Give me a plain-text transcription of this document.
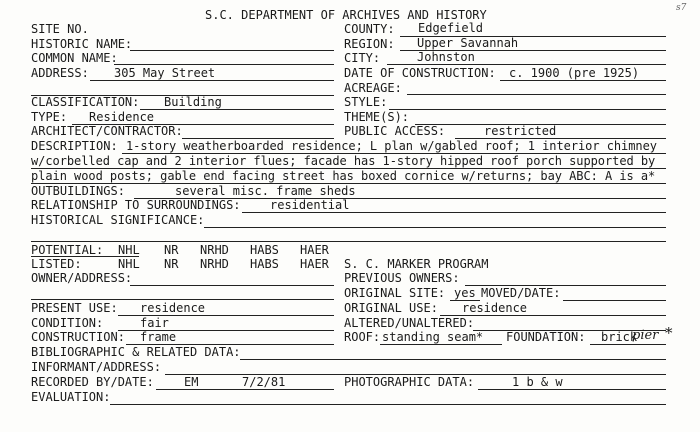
S.C. DEPARTMENT OF ARCHIVES AND HISTORY	s7
SITE NO.	COUNTY: Edgefield
HISTORIC NAME:	REGION: Upper Savannah
COMMON NAME:	CITY:	Johnston
ADDRESS: 305 May Street	DATE OF CONSTRUCTION: c. 1900 (pre 1925)
ACREAGE:
CLASSIFICATION: Building	STYLE:
TYPE: Residence	THEME(S):
ARCHITECT/CONTRACTOR:	PUBLIC ACCESS:	restricted
DESCRIPTION: 1-story weatherboarded residence; L plan w/gabled roof; 1 interior chimney
w/corbelled cap and 2 interior flues; facade has 1-story hipped roof porch supported by
plain wood posts; gable end facing street has boxed cornice w/returns; bay ABC: A is a*
OUTBUILDINGS:	several misc. frame sheds
RELATIONSHIP TO SURROUNDINGS: residential
HISTORICAL SIGNIFICANCE:
POTENTIAL: NHL NR NRHD HABS HAER
LISTED:	NHL NR NRHD HABS HAER S. C. MARKER PROGRAM
OWNER/ADDRESS:	PREVIOUS OWNERS:
ORIGINAL SITE: yes MOVED/DATE:
PRESENT USE: residence	ORIGINAL USE: residence
CONDITION:	fair	ALTERED/UNALTERED:
CONSTRUCTION: frame	ROOF: standing seam* FOUNDATION: brick
pier *
BIBLIOGRAPHIC & RELATED DATA:
INFORMANT/ADDRESS:
RECORDED BY/DATE:	EM	7/2/81	PHOTOGRAPHIC DATA:	1 b & w
EVALUATION:
